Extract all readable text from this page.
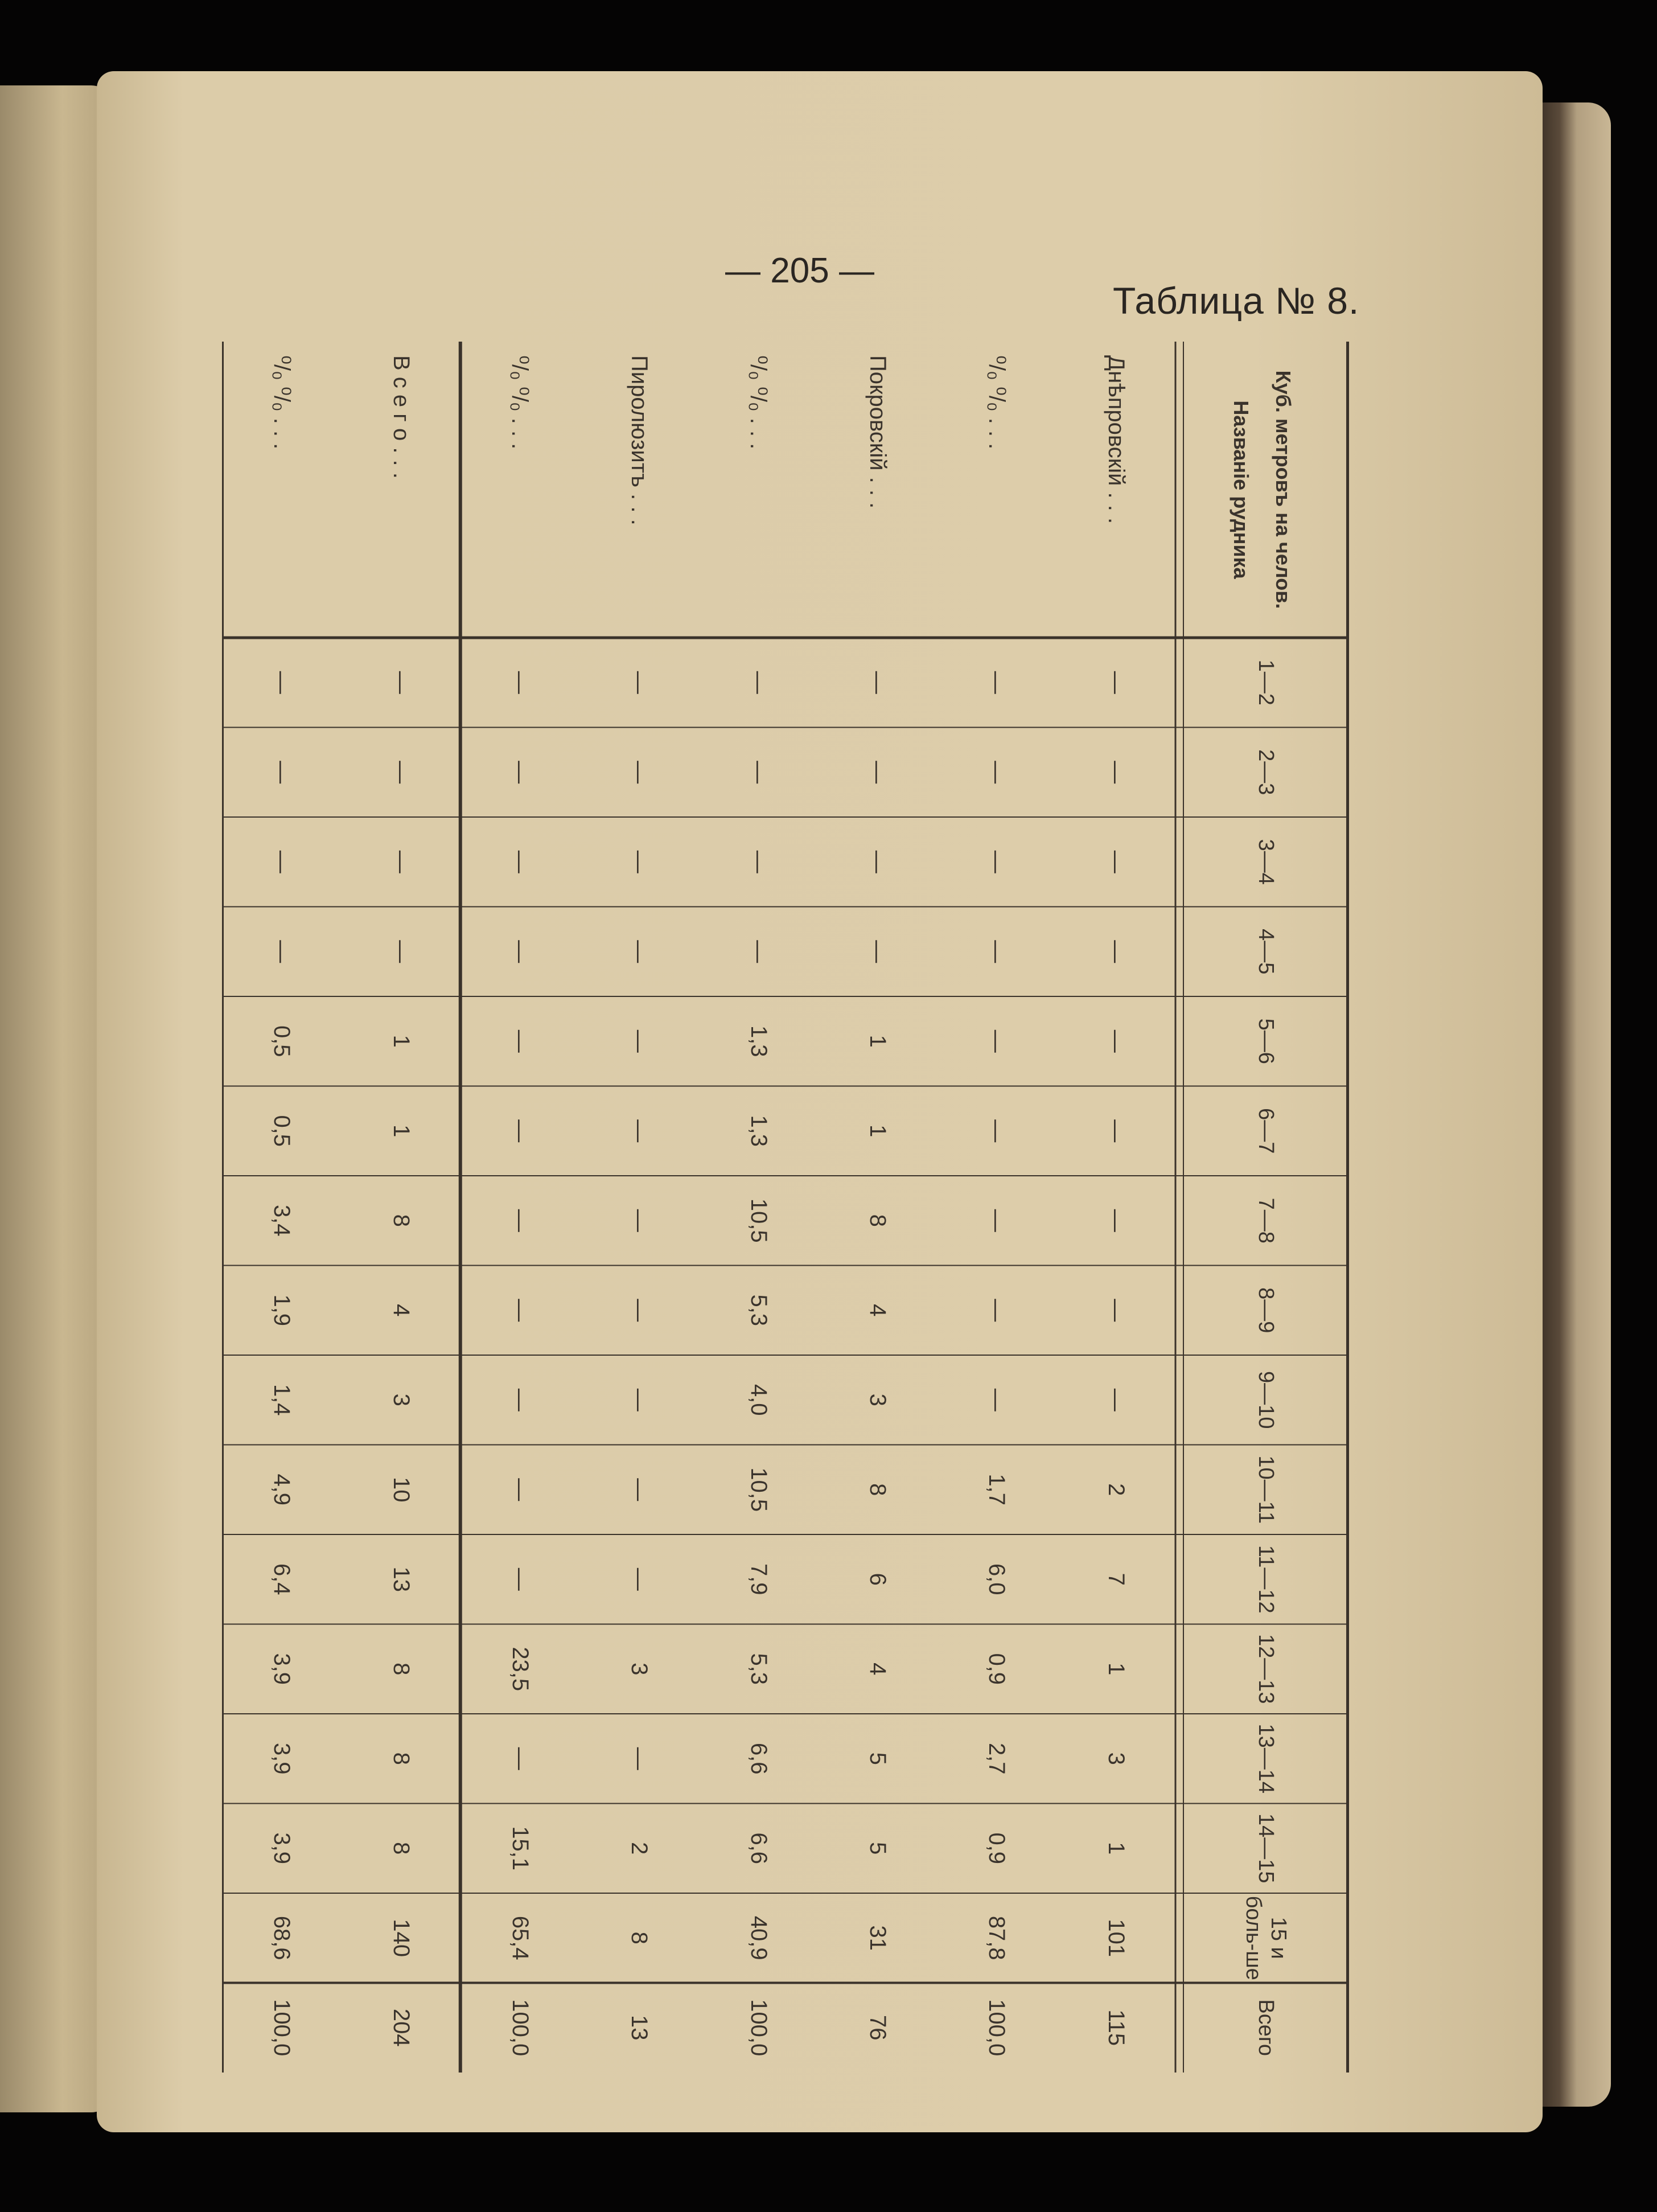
— 205 —
Таблица № 8.
Куб. метровъ на челов.
Названіе рудника
1—2
2—3
3—4
4—5
5—6
6—7
7—8
8—9
9—10
10—11
11—12
12—13
13—14
14—15
15 и боль-ше
Всего
Днѣпровскій . . .
—
—
—
—
—
—
—
—
—
2
7
1
3
1
101
115
⁰/₀ ⁰/₀ . . .
—
—
—
—
—
—
—
—
—
1,7
6,0
0,9
2,7
0,9
87,8
100,0
Покровскій . . .
—
—
—
—
1
1
8
4
3
8
6
4
5
5
31
76
⁰/₀ ⁰/₀ . . .
—
—
—
—
1,3
1,3
10,5
5,3
4,0
10,5
7,9
5,3
6,6
6,6
40,9
100,0
Пиролюзитъ . . .
—
—
—
—
—
—
—
—
—
—
—
3
—
2
8
13
⁰/₀ ⁰/₀ . . .
—
—
—
—
—
—
—
—
—
—
—
23,5
—
15,1
65,4
100,0
В с е г о . . .
—
—
—
—
1
1
8
4
3
10
13
8
8
8
140
204
⁰/₀ ⁰/₀ . . .
—
—
—
—
0,5
0,5
3,4
1,9
1,4
4,9
6,4
3,9
3,9
3,9
68,6
100,0
